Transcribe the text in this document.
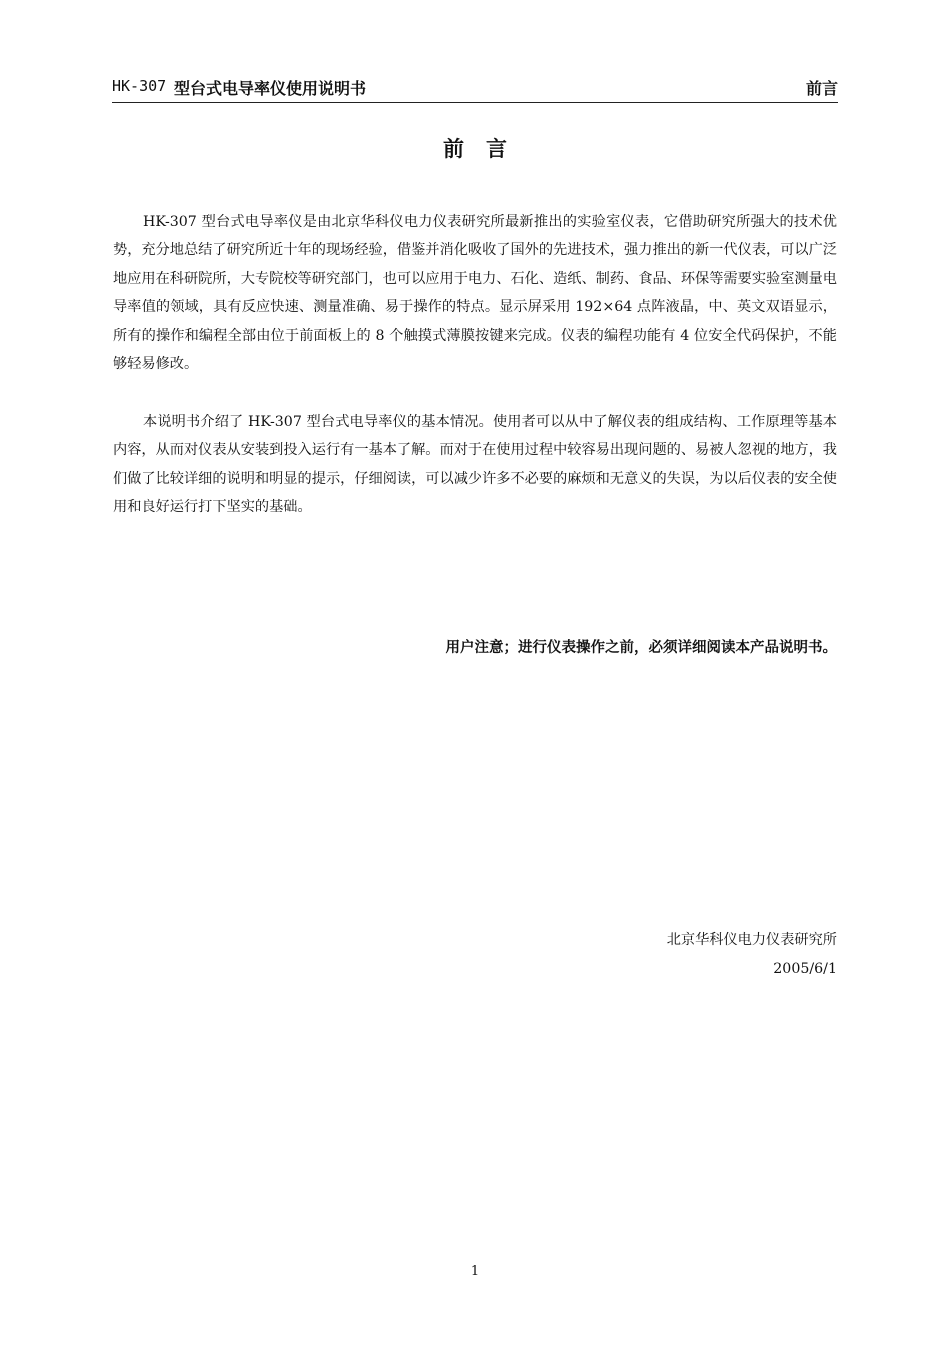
HK-307 型台式电导率仪使用说明书	前言
前言

HK-307 型台式电导率仪是由北京华科仪电力仪表研究所最新推出的实验室仪表，它借助研究所强大的技术优势，充分地总结了研究所近十年的现场经验，借鉴并消化吸收了国外的先进技术，强力推出的新一代仪表，可以广泛地应用在科研院所，大专院校等研究部门，也可以应用于电力、石化、造纸、制药、食品、环保等需要实验室测量电导率值的领域，具有反应快速、测量准确、易于操作的特点。显示屏采用 192×64 点阵液晶，中、英文双语显示，所有的操作和编程全部由位于前面板上的 8 个触摸式薄膜按键来完成。仪表的编程功能有 4 位安全代码保护，不能够轻易修改。

本说明书介绍了 HK-307 型台式电导率仪的基本情况。使用者可以从中了解仪表的组成结构、工作原理等基本内容，从而对仪表从安装到投入运行有一基本了解。而对于在使用过程中较容易出现问题的、易被人忽视的地方，我们做了比较详细的说明和明显的提示，仔细阅读，可以减少许多不必要的麻烦和无意义的失误，为以后仪表的安全使用和良好运行打下坚实的基础。

用户注意；进行仪表操作之前，必须详细阅读本产品说明书。
北京华科仪电力仪表研究所
2005/6/1
1
